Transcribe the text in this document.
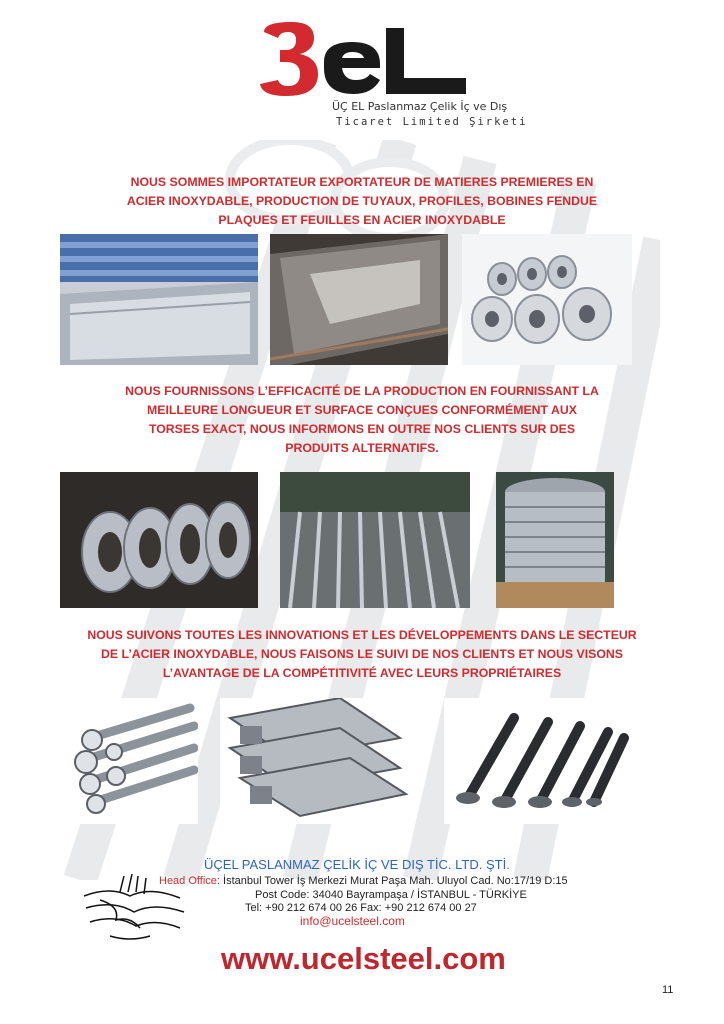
ÜÇ EL Paslanmaz Çelik İç ve Dış
Ticaret Limited Şirketi
NOUS SOMMES IMPORTATEUR EXPORTATEUR DE MATIERES PREMIERES EN
ACIER INOXYDABLE, PRODUCTION DE TUYAUX, PROFILES, BOBINES FENDUE
PLAQUES ET FEUILLES EN ACIER INOXYDABLE
NOUS FOURNISSONS L’EFFICACITÉ DE LA PRODUCTION EN FOURNISSANT LA
MEILLEURE LONGUEUR ET SURFACE CONÇUES CONFORMÉMENT AUX
TORSES EXACT, NOUS INFORMONS EN OUTRE NOS CLIENTS SUR DES
PRODUITS ALTERNATIFS.
NOUS SUIVONS TOUTES LES INNOVATIONS ET LES DÉVELOPPEMENTS DANS LE SECTEUR
DE L’ACIER INOXYDABLE, NOUS FAISONS LE SUIVI DE NOS CLIENTS ET NOUS VISONS
L’AVANTAGE DE LA COMPÉTITIVITÉ AVEC LEURS PROPRIÉTAIRES
ÜÇEL PASLANMAZ ÇELİK İÇ VE DIŞ TİC. LTD. ŞTİ.
Head Office: İstanbul Tower İş Merkezi Murat Paşa Mah. Uluyol Cad. No:17/19 D:15
Post Code: 34040 Bayrampaşa / İSTANBUL - TÜRKİYE
Tel: +90 212 674 00 26 Fax: +90 212 674 00 27
info@ucelsteel.com
www.ucelsteel.com
11
